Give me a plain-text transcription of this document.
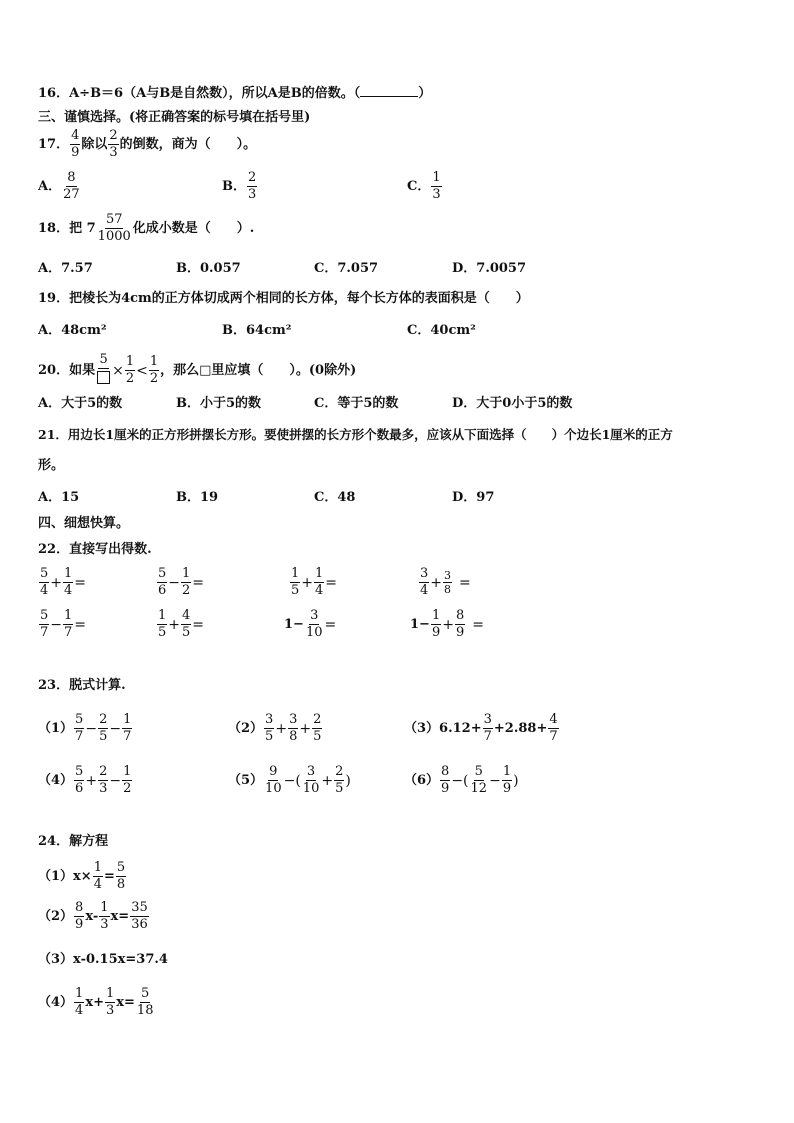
16．A÷B＝6（A与B是自然数），所以A是B的倍数。（	）
三、谨慎选择。(将正确答案的标号填在括号里)
17． $\frac{4}{9}$ 除以 $\frac{2}{3}$ 的倒数，商为（　　）。
A． $\frac{8}{27}$	B． $\frac{2}{3}$	C． $\frac{1}{3}$
18．把 $7 \frac{57}{1000}$ 化成小数是（　　）.
A．7.57	B．0.057	C．7.057	D．7.0057
19．把棱长为4cm的正方体切成两个相同的长方体，每个长方体的表面积是（　　）
A．48cm²	B．64cm²	C．40cm²
20．如果
5
× $\frac{1}{2} < \frac{1}{2}$ ，那么□里应填（　　）。(0除外)
A．大于5的数	B．小于5的数	C．等于5的数	D．大于0小于5的数
21．用边长1厘米的正方形拼摆长方形。要使拼摆的长方形个数最多，应该从下面选择（　　）个边长1厘米的正方
形。
A．15	B．19	C．48	D．97
四、细想快算。
22．直接写出得数.
$\frac{5}{4} + \frac{1}{4}$ =	$\frac{5}{6} - \frac{1}{2}$ =	$\frac{1}{5} + \frac{1}{4}$ =	$\frac{3}{4} + \frac{3}{8}$ =
$\frac{5}{7} - \frac{1}{7}$ =	$\frac{1}{5} + \frac{4}{5}$ =	$1- \frac{3}{10}$ =	$1- \frac{1}{9} + \frac{8}{9}$ =
23．脱式计算.
$(1) \frac{5}{7} - \frac{2}{5} - \frac{1}{7}$	$(2) \frac{3}{5} + \frac{3}{8} + \frac{2}{5}$	$(3)6.12+ \frac{3}{7} +2.88+ \frac{4}{7}$
$(4) \frac{5}{6} + \frac{2}{3} - \frac{1}{2}$	$(5) \frac{9}{10}$ −( $\frac{3}{10} + \frac{2}{5}$ )	$(6) \frac{8}{9}$ −( $\frac{5}{12} - \frac{1}{9}$ )
24．解方程
$(1)x\times \frac{1}{4} = \frac{5}{8}$
$(2) \frac{8}{9} x- \frac{1}{3} x= \frac{35}{36}$
（3）x-0.15x=37.4
$(4) \frac{1}{4} x+ \frac{1}{3} x= \frac{5}{18}$
